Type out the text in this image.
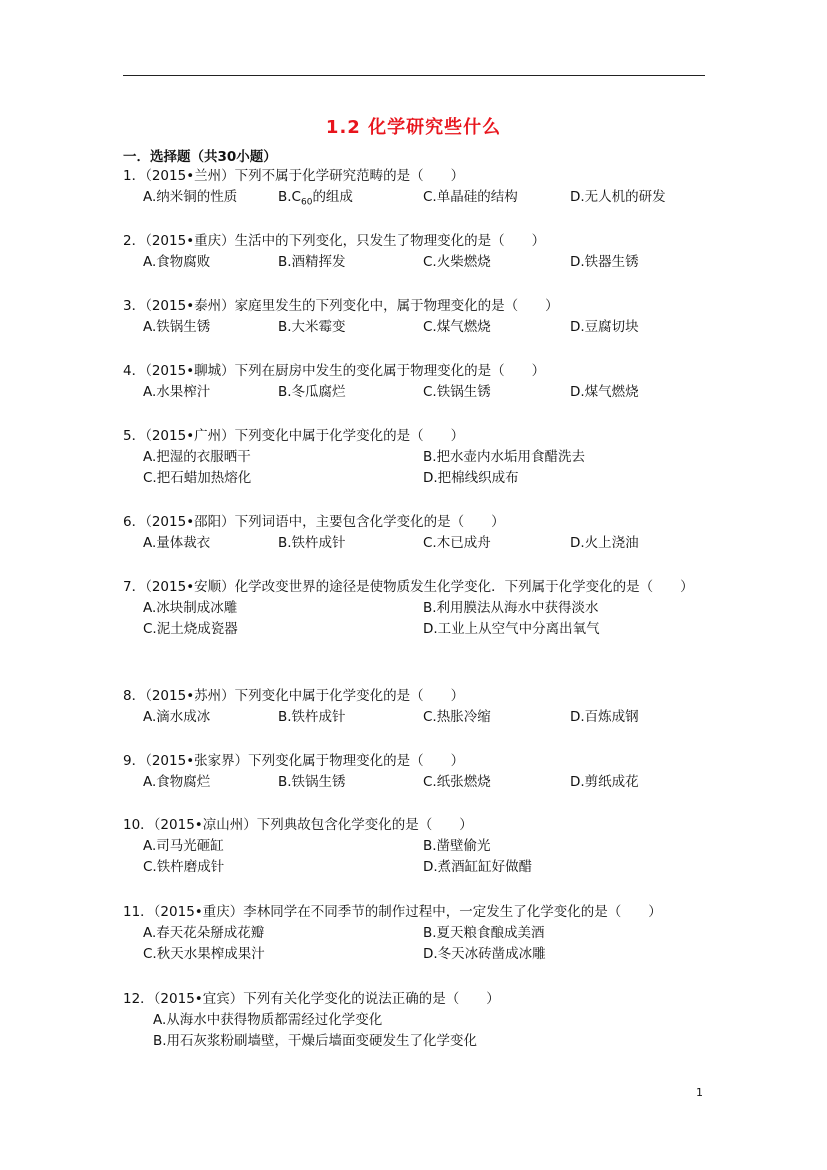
1.2 化学研究些什么
一．选择题（共30小题）
1．（2015•兰州）下列不属于化学研究范畴的是（　　）
A.纳米铜的性质	$B.C_{60}$的组成	C.单晶硅的结构	D.无人机的研发
2．（2015•重庆）生活中的下列变化，只发生了物理变化的是（　　）
A.食物腐败	B.酒精挥发	C.火柴燃烧	D.铁器生锈
3．（2015•泰州）家庭里发生的下列变化中，属于物理变化的是（　　）
A.铁锅生锈	B.大米霉变	C.煤气燃烧	D.豆腐切块
4．（2015•聊城）下列在厨房中发生的变化属于物理变化的是（　　）
A.水果榨汁	B.冬瓜腐烂	C.铁锅生锈	D.煤气燃烧
5．（2015•广州）下列变化中属于化学变化的是（　　）
A.把湿的衣服晒干	B.把水壶内水垢用食醋洗去
C.把石蜡加热熔化	D.把棉线织成布
6．（2015•邵阳）下列词语中，主要包含化学变化的是（　　）
A.量体裁衣	B.铁杵成针	C.木已成舟	D.火上浇油
7．（2015•安顺）化学改变世界的途径是使物质发生化学变化．下列属于化学变化的是（　　）
A.冰块制成冰雕	B.利用膜法从海水中获得淡水
C.泥土烧成瓷器	D.工业上从空气中分离出氧气
8．（2015•苏州）下列变化中属于化学变化的是（　　）
A.滴水成冰	B.铁杵成针	C.热胀冷缩	D.百炼成钢
9．（2015•张家界）下列变化属于物理变化的是（　　）
A.食物腐烂	B.铁锅生锈	C.纸张燃烧	D.剪纸成花
10．（2015•凉山州）下列典故包含化学变化的是（　　）
A.司马光砸缸	B.凿壁偷光
C.铁杵磨成针	D.煮酒缸缸好做醋
11．（2015•重庆）李林同学在不同季节的制作过程中，一定发生了化学变化的是（　　）
A.春天花朵掰成花瓣	B.夏天粮食酿成美酒
C.秋天水果榨成果汁	D.冬天冰砖凿成冰雕
12．（2015•宜宾）下列有关化学变化的说法正确的是（　　）
A.从海水中获得物质都需经过化学变化
B.用石灰浆粉刷墙壁，干燥后墙面变硬发生了化学变化
1
